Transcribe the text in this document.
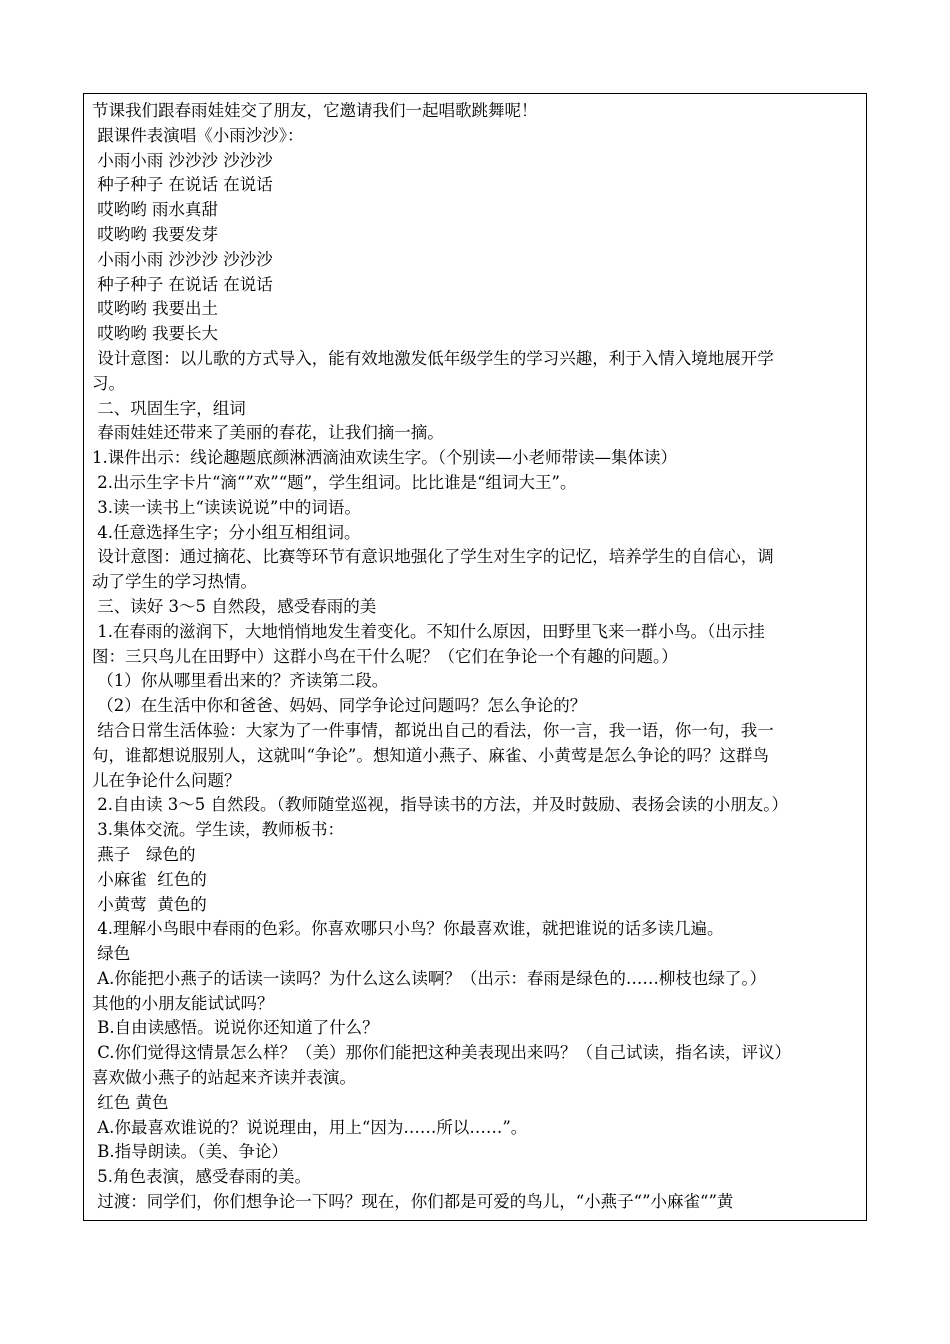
节课我们跟春雨娃娃交了朋友，它邀请我们一起唱歌跳舞呢！
跟课件表演唱《小雨沙沙》：
小雨小雨 沙沙沙 沙沙沙
种子种子 在说话 在说话
哎哟哟 雨水真甜
哎哟哟 我要发芽
小雨小雨 沙沙沙 沙沙沙
种子种子 在说话 在说话
哎哟哟 我要出土
哎哟哟 我要长大
设计意图：以儿歌的方式导入，能有效地激发低年级学生的学习兴趣，利于入情入境地展开学
习。
二、巩固生字，组词
春雨娃娃还带来了美丽的春花，让我们摘一摘。
1.课件出示：线论趣题底颜淋洒滴油欢读生字。（个别读—小老师带读—集体读）
2.出示生字卡片“滴“”欢”“题”，学生组词。比比谁是“组词大王”。
3.读一读书上“读读说说”中的词语。
4.任意选择生字；分小组互相组词。
设计意图：通过摘花、比赛等环节有意识地强化了学生对生字的记忆，培养学生的自信心，调
动了学生的学习热情。
三、读好 3～5 自然段，感受春雨的美
1.在春雨的滋润下，大地悄悄地发生着变化。不知什么原因，田野里飞来一群小鸟。（出示挂
图：三只鸟儿在田野中）这群小鸟在干什么呢？（它们在争论一个有趣的问题。）
（1）你从哪里看出来的？齐读第二段。
（2）在生活中你和爸爸、妈妈、同学争论过问题吗？怎么争论的？
结合日常生活体验：大家为了一件事情，都说出自己的看法，你一言，我一语，你一句，我一
句，谁都想说服别人，这就叫“争论”。想知道小燕子、麻雀、小黄莺是怎么争论的吗？这群鸟
儿在争论什么问题？
2.自由读 3～5 自然段。（教师随堂巡视，指导读书的方法，并及时鼓励、表扬会读的小朋友。）
3.集体交流。学生读，教师板书：
燕子   绿色的
小麻雀  红色的
小黄莺  黄色的
4.理解小鸟眼中春雨的色彩。你喜欢哪只小鸟？你最喜欢谁，就把谁说的话多读几遍。
绿色
A.你能把小燕子的话读一读吗？为什么这么读啊？（出示：春雨是绿色的……柳枝也绿了。）
其他的小朋友能试试吗？
B.自由读感悟。说说你还知道了什么？
C.你们觉得这情景怎么样？（美）那你们能把这种美表现出来吗？（自己试读，指名读，评议）
喜欢做小燕子的站起来齐读并表演。
红色 黄色
A.你最喜欢谁说的？说说理由，用上“因为……所以……”。
B.指导朗读。（美、争论）
5.角色表演，感受春雨的美。
过渡：同学们，你们想争论一下吗？现在，你们都是可爱的鸟儿，“小燕子“”小麻雀“”黄
